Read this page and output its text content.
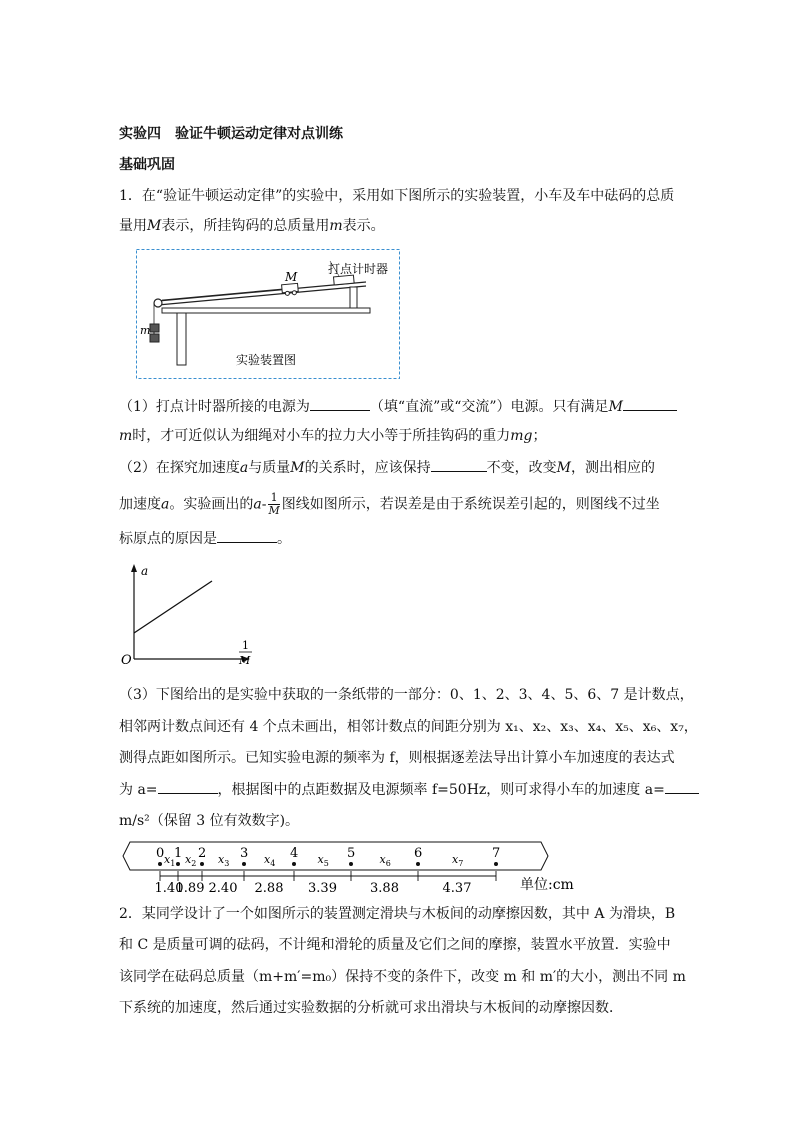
实验四　验证牛顿运动定律对点训练
基础巩固
1．在“验证牛顿运动定律”的实验中，采用如下图所示的实验装置，小车及车中砝码的总质
量用M表示，所挂钩码的总质量用m表示。
m
M
打点计时器
实验装置图
（1）打点计时器所接的电源为	（填“直流”或“交流”）电源。只有满足M
m时，才可近似认为细绳对小车的拉力大小等于所挂钩码的重力mg；
（2）在探究加速度a与质量M的关系时，应该保持	不变，改变M，测出相应的
加速度a。实验画出的$a- \frac{1}{M}$ 图线如图所示，若误差是由于系统误差引起的，则图线不过坐
标原点的原因是	。
a
O
1
M
（3）下图给出的是实验中获取的一条纸带的一部分：0、1、2、3、4、5、6、7 是计数点，
相邻两计数点间还有 4 个点未画出，相邻计数点的间距分别为 x₁、x₂、x₃、x₄、x₅、x₆、x₇，
测得点距如图所示。已知实验电源的频率为 f，则根据逐差法导出计算小车加速度的表达式
为 a=	，根据图中的点距数据及电源频率 f=50Hz，则可求得小车的加速度 a=
m/s²（保留 3 位有效数字)。
0 1 2	3	4	5	6	7
$x_1$ $x_2$ $x_3$	$x_4$	$x_5$	$x_6$	$x_7$
1.40
1.89 2.40 2.88 3.39	3.88	4.37	单位:cm
2．某同学设计了一个如图所示的装置测定滑块与木板间的动摩擦因数，其中 A 为滑块，B
和 C 是质量可调的砝码，不计绳和滑轮的质量及它们之间的摩擦，装置水平放置．实验中
该同学在砝码总质量（m+m′=m₀）保持不变的条件下，改变 m 和 m′的大小，测出不同 m
下系统的加速度，然后通过实验数据的分析就可求出滑块与木板间的动摩擦因数．
